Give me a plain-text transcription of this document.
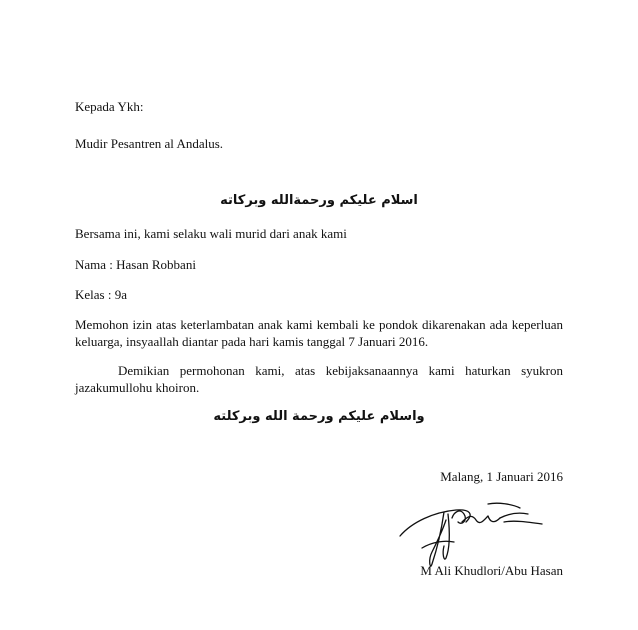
Kepada Ykh:
Mudir Pesantren al Andalus.
اسلام عليكم ورحمةالله وبركاته
Bersama ini, kami selaku wali murid dari anak kami
Nama : Hasan Robbani
Kelas : 9a
Memohon izin atas keterlambatan anak kami kembali ke pondok dikarenakan ada keperluan keluarga, insyaallah diantar pada hari kamis tanggal 7 Januari 2016.
Demikian permohonan kami, atas kebijaksanaannya kami haturkan syukron jazakumullohu khoiron.
واسلام عليكم ورحمة الله وبركلته
Malang, 1 Januari 2016
M Ali Khudlori/Abu Hasan
